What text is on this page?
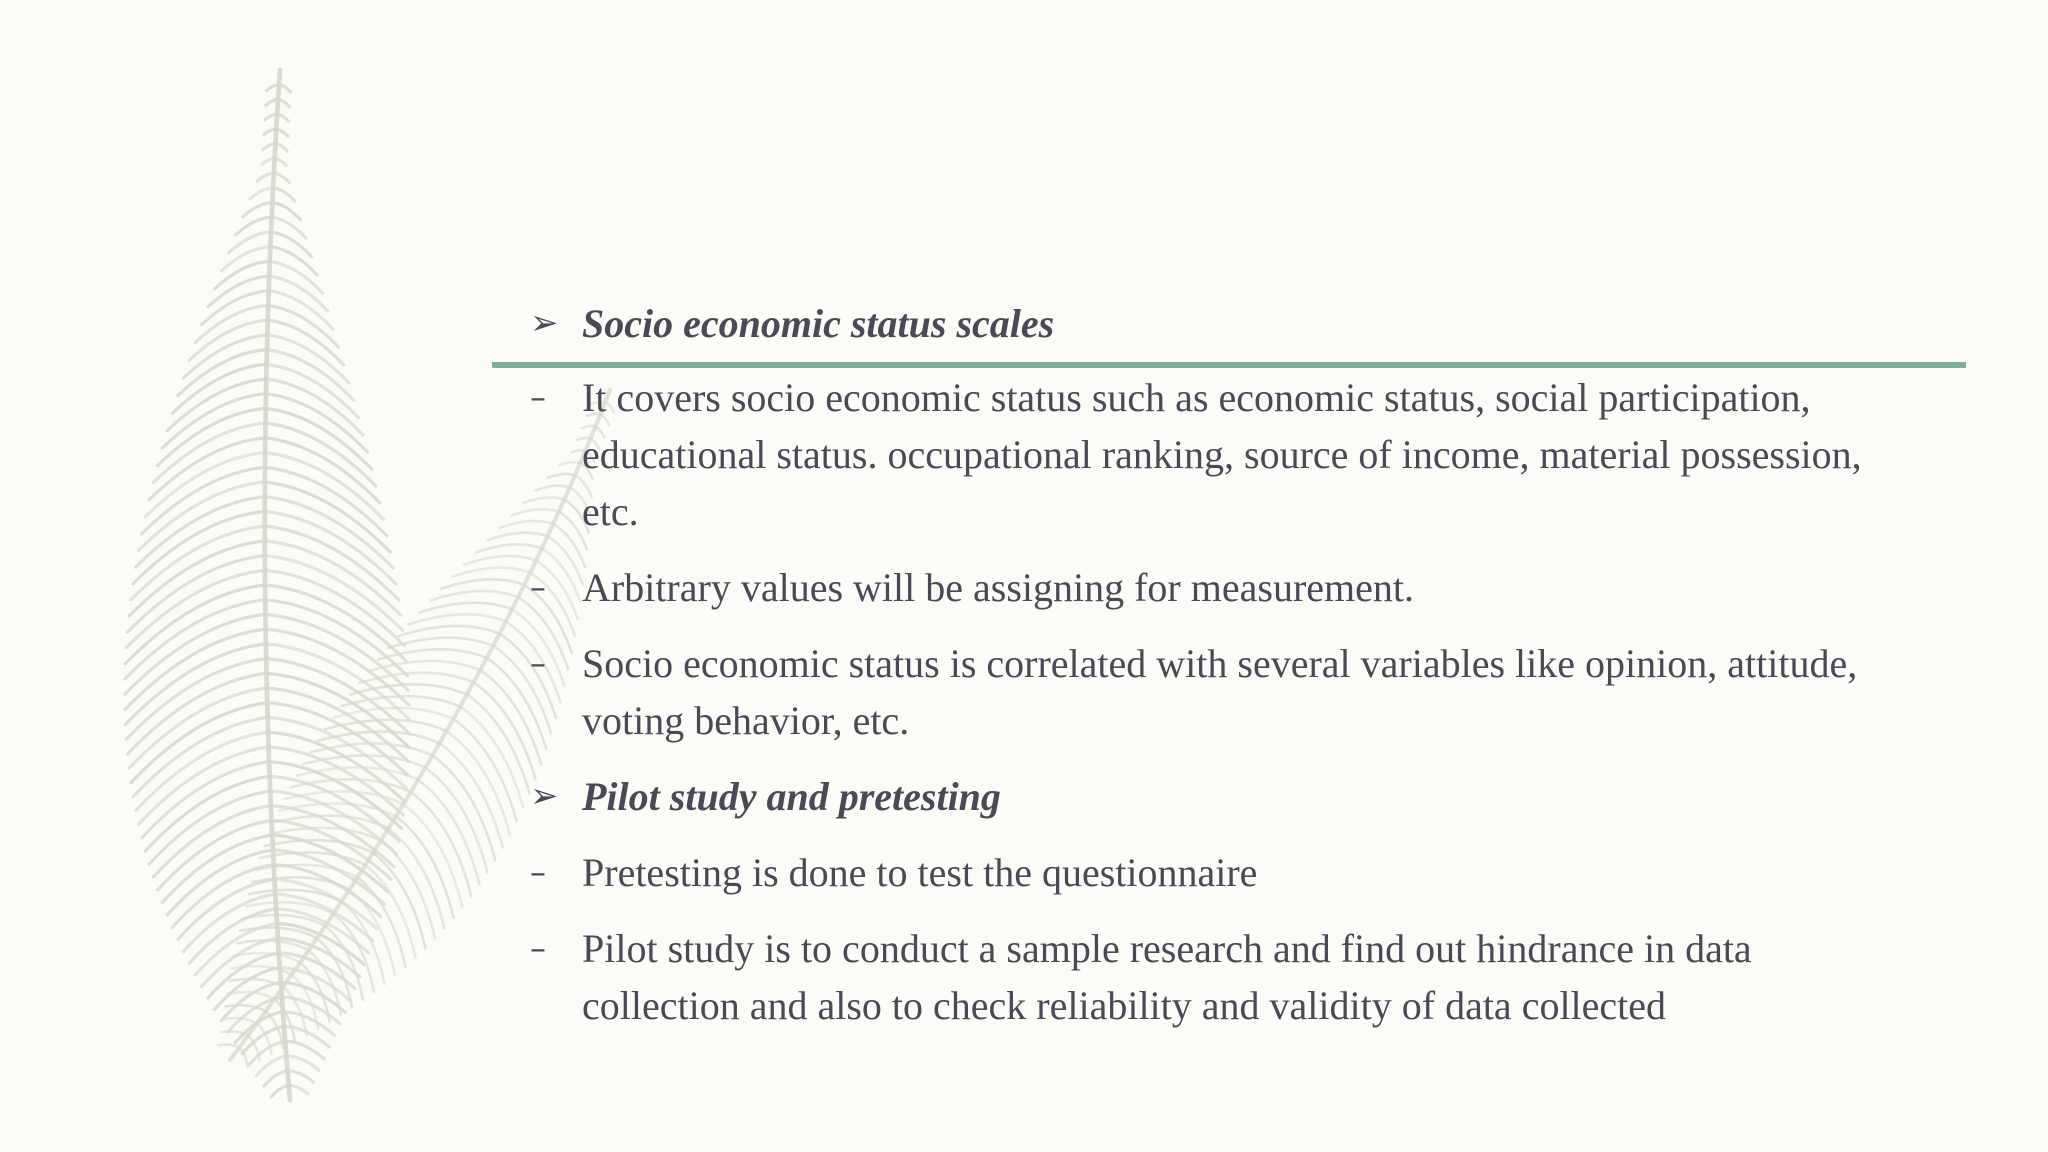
➢ Socio economic status scales
– It covers socio economic status such as economic status, social participation,
educational status. occupational ranking, source of income, material possession,
etc.
– Arbitrary values will be assigning for measurement.
– Socio economic status is correlated with several variables like opinion, attitude,
voting behavior, etc.
➢ Pilot study and pretesting
– Pretesting is done to test the questionnaire
– Pilot study is to conduct a sample research and find out hindrance in data
collection and also to check reliability and validity of data collected
